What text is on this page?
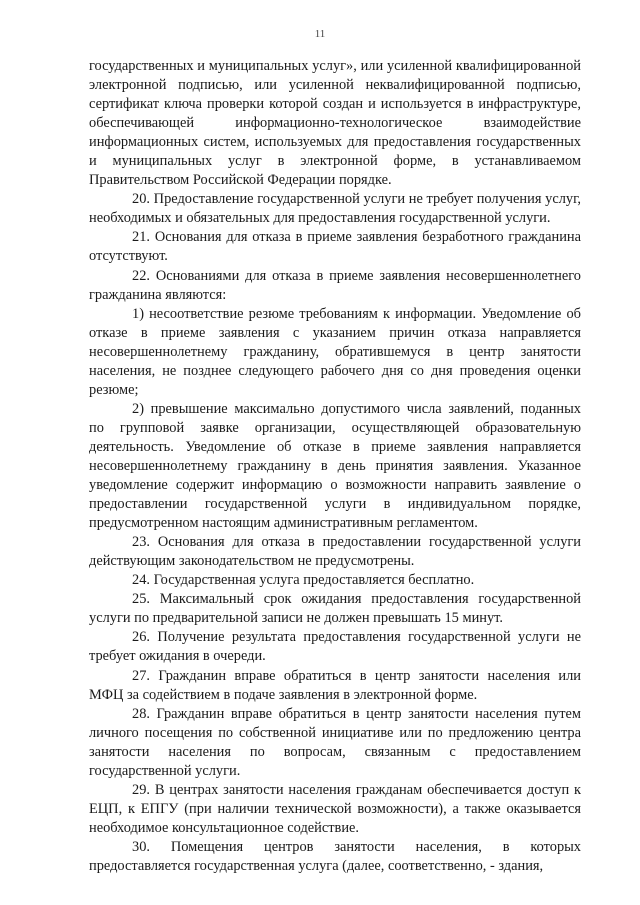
11

государственных и муниципальных услуг», или усиленной квалифицированной электронной подписью, или усиленной неквалифицированной подписью, сертификат ключа проверки которой создан и используется в инфраструктуре, обеспечивающей информационно-технологическое взаимодействие информационных систем, используемых для предоставления государственных и муниципальных услуг в электронной форме, в устанавливаемом Правительством Российской Федерации порядке.

20. Предоставление государственной услуги не требует получения услуг, необходимых и обязательных для предоставления государственной услуги.

21. Основания для отказа в приеме заявления безработного гражданина отсутствуют.

22. Основаниями для отказа в приеме заявления несовершеннолетнего гражданина являются:

1) несоответствие резюме требованиям к информации. Уведомление об отказе в приеме заявления с указанием причин отказа направляется несовершеннолетнему гражданину, обратившемуся в центр занятости населения, не позднее следующего рабочего дня со дня проведения оценки резюме;

2) превышение максимально допустимого числа заявлений, поданных по групповой заявке организации, осуществляющей образовательную деятельность. Уведомление об отказе в приеме заявления направляется несовершеннолетнему гражданину в день принятия заявления. Указанное уведомление содержит информацию о возможности направить заявление о предоставлении государственной услуги в индивидуальном порядке, предусмотренном настоящим административным регламентом.

23. Основания для отказа в предоставлении государственной услуги действующим законодательством не предусмотрены.

24. Государственная услуга предоставляется бесплатно.

25. Максимальный срок ожидания предоставления государственной услуги по предварительной записи не должен превышать 15 минут.

26. Получение результата предоставления государственной услуги не требует ожидания в очереди.

27. Гражданин вправе обратиться в центр занятости населения или МФЦ за содействием в подаче заявления в электронной форме.

28. Гражданин вправе обратиться в центр занятости населения путем личного посещения по собственной инициативе или по предложению центра занятости населения по вопросам, связанным с предоставлением государственной услуги.

29. В центрах занятости населения гражданам обеспечивается доступ к ЕЦП, к ЕПГУ (при наличии технической возможности), а также оказывается необходимое консультационное содействие.

30. Помещения центров занятости населения, в которых предоставляется государственная услуга (далее, соответственно, - здания,
